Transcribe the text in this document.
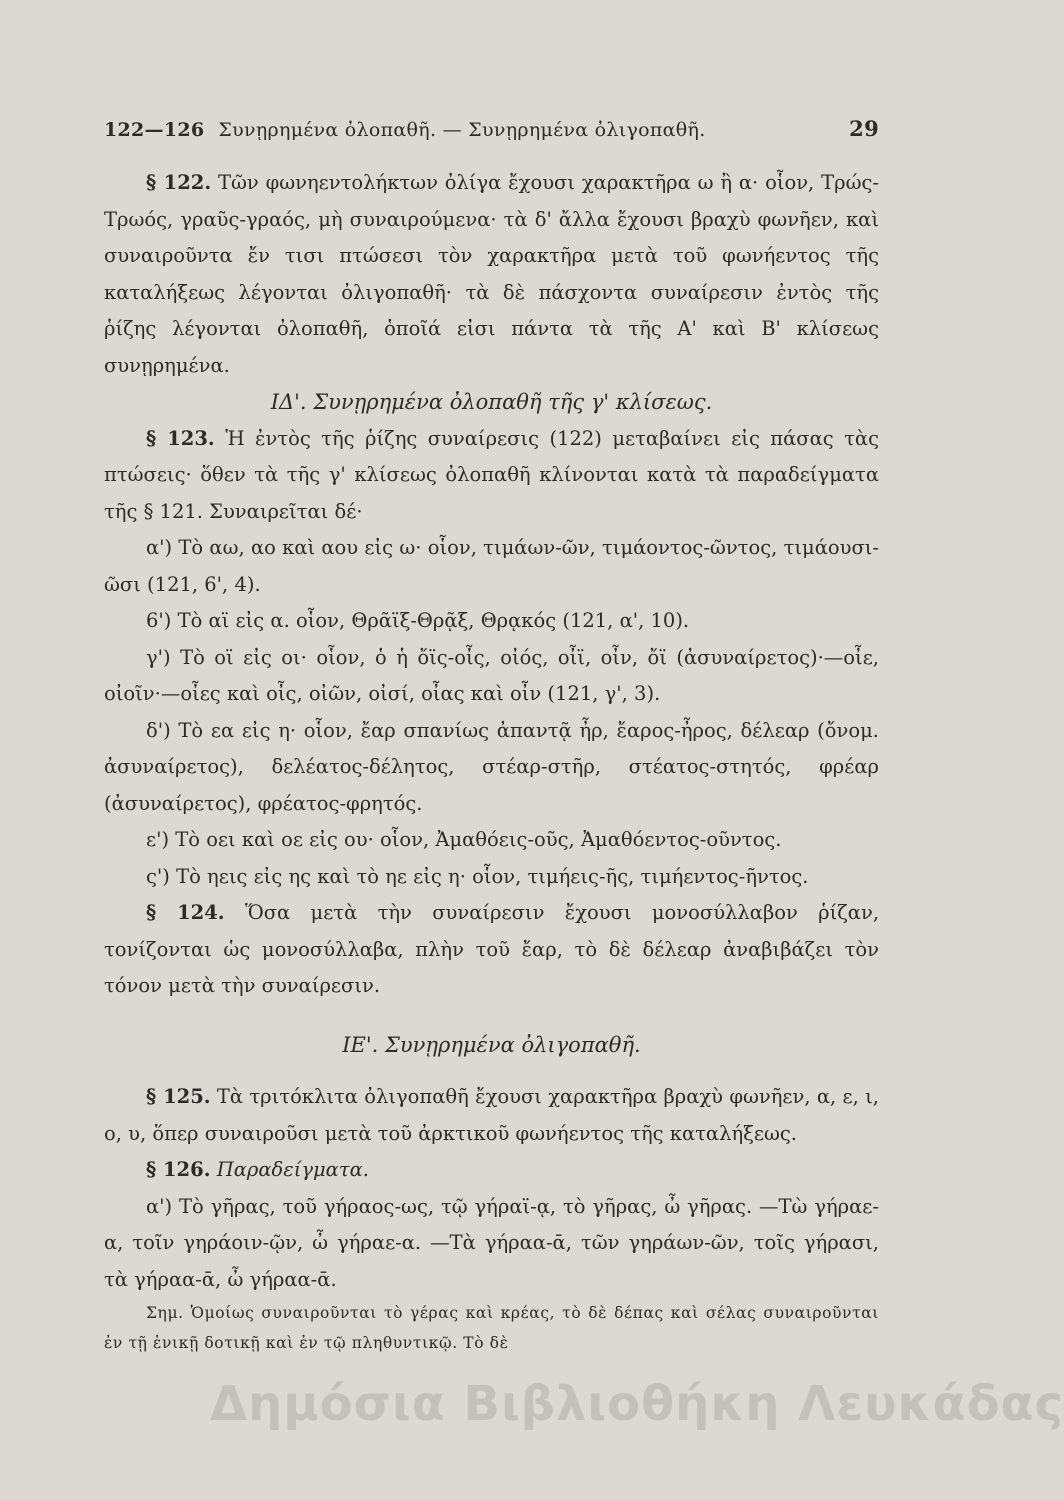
122—126 Συνῃρημένα ὀλοπαθῆ. — Συνῃρημένα ὀλιγοπαθῆ.	29

§ 122. Τῶν φωνηεντολήκτων ὀλίγα ἔχουσι χαρακτῆρα ω ἢ α· οἷον, Τρώς-Τρωός, γραῦς-γραός, μὴ συναιρούμενα· τὰ δ' ἄλλα ἔχουσι βραχὺ φωνῆεν, καὶ συναιροῦντα ἔν τισι πτώσεσι τὸν χαρακτῆρα μετὰ τοῦ φωνήεντος τῆς καταλήξεως λέγονται ὀλιγοπαθῆ· τὰ δὲ πάσχοντα συναίρεσιν ἐντὸς τῆς ῥίζης λέγονται ὀλοπαθῆ, ὁποῖά εἰσι πάντα τὰ τῆς Α' καὶ Β' κλίσεως συνῃρημένα.

ΙΔ'. Συνῃρημένα ὀλοπαθῆ τῆς γ' κλίσεως.

§ 123. Ἡ ἐντὸς τῆς ῥίζης συναίρεσις (122) μεταβαίνει εἰς πάσας τὰς πτώσεις· ὅθεν τὰ τῆς γ' κλίσεως ὀλοπαθῆ κλίνονται κατὰ τὰ παραδείγματα τῆς § 121. Συναιρεῖται δέ·

α') Τὸ αω, αο καὶ αου εἰς ω· οἷον, τιμάων-ῶν, τιμάοντος-ῶντος, τιμάουσι-ῶσι (121, 6', 4).

6') Τὸ αϊ εἰς α. οἷον, Θρᾶϊξ-Θρᾷξ, Θρᾳκός (121, α', 10).

γ') Τὸ οϊ εἰς οι· οἷον, ὁ ἡ ὄϊς-οἶς, οἰός, οἶϊ, οἶν, ὄϊ (ἀσυναίρετος)·—οἶε, οἰοῖν·—οἶες καὶ οἶς, οἰῶν, οἰσί, οἶας καὶ οἶν (121, γ', 3).

δ') Τὸ εα εἰς η· οἷον, ἔαρ σπανίως ἀπαντᾷ ἦρ, ἔαρος-ἦρος, δέλεαρ (ὄνομ. ἀσυναίρετος), δελέατος-δέλητος, στέαρ-στῆρ, στέατος-στητός, φρέαρ (ἀσυναίρετος), φρέατος-φρητός.

ε') Τὸ οει καὶ οε εἰς ου· οἷον, Ἀμαθόεις-οῦς, Ἀμαθόεντος-οῦντος.

ς') Τὸ ηεις εἰς ης καὶ τὸ ηε εἰς η· οἷον, τιμήεις-ῆς, τιμήεντος-ῆντος.

§ 124. Ὅσα μετὰ τὴν συναίρεσιν ἔχουσι μονοσύλλαβον ῥίζαν, τονίζονται ὡς μονοσύλλαβα, πλὴν τοῦ ἔαρ, τὸ δὲ δέλεαρ ἀναβιβάζει τὸν τόνον μετὰ τὴν συναίρεσιν.

ΙΕ'. Συνῃρημένα ὀλιγοπαθῆ.

§ 125. Τὰ τριτόκλιτα ὀλιγοπαθῆ ἔχουσι χαρακτῆρα βραχὺ φωνῆεν, α, ε, ι, ο, υ, ὅπερ συναιροῦσι μετὰ τοῦ ἀρκτικοῦ φωνήεντος τῆς καταλήξεως.

§ 126. Παραδείγματα.

α') Τὸ γῆρας, τοῦ γήραος-ως, τῷ γήραϊ-ᾳ, τὸ γῆρας, ὦ γῆρας. —Τὼ γήραε-α, τοῖν γηράοιν-ῷν, ὦ γήραε-α. —Τὰ γήραα-ᾱ, τῶν γηράων-ῶν, τοῖς γήρασι, τὰ γήραα-ᾱ, ὦ γήραα-ᾱ.

Σημ. Ὁμοίως συναιροῦνται τὸ γέρας καὶ κρέας, τὸ δὲ δέπας καὶ σέλας συναιροῦνται ἐν τῇ ἑνικῇ δοτικῇ καὶ ἐν τῷ πληθυντικῷ. Τὸ δὲ

Δημόσια Βιβλιοθήκη Λευκάδας
